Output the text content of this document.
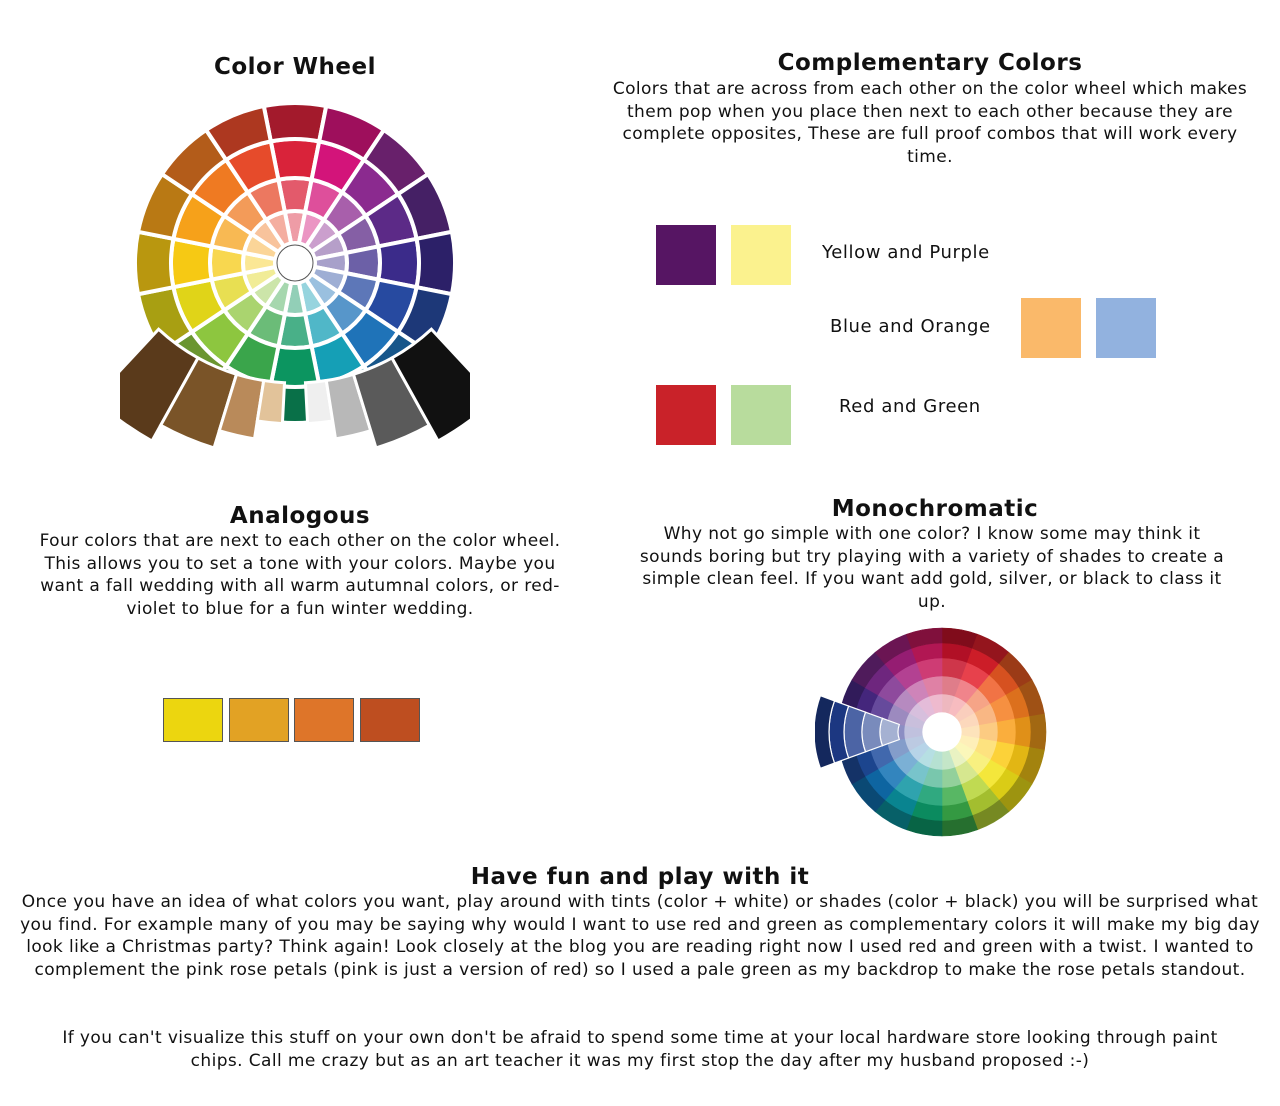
Color Wheel	Complementary Colors
Colors that are across from each other on the color wheel which makes them pop when you place then next to each other because they are complete opposites, These are full proof combos that will work every time.
Yellow and Purple
Blue and Orange
Red and Green
Analogous
Four colors that are next to each other on the color wheel. This allows you to set a tone with your colors. Maybe you want a fall wedding with all warm autumnal colors, or red-violet to blue for a fun winter wedding.
Monochromatic
Why not go simple with one color? I know some may think it sounds boring but try playing with a variety of shades to create a simple clean feel. If you want add gold, silver, or black to class it up.
Have fun and play with it
Once you have an idea of what colors you want, play around with tints (color + white) or shades (color + black) you will be surprised what you find. For example many of you may be saying why would I want to use red and green as complementary colors it will make my big day look like a Christmas party? Think again! Look closely at the blog you are reading right now I used red and green with a twist. I wanted to complement the pink rose petals (pink is just a version of red) so I used a pale green as my backdrop to make the rose petals standout.
If you can't visualize this stuff on your own don't be afraid to spend some time at your local hardware store looking through paint chips. Call me crazy but as an art teacher it was my first stop the day after my husband proposed :-)
